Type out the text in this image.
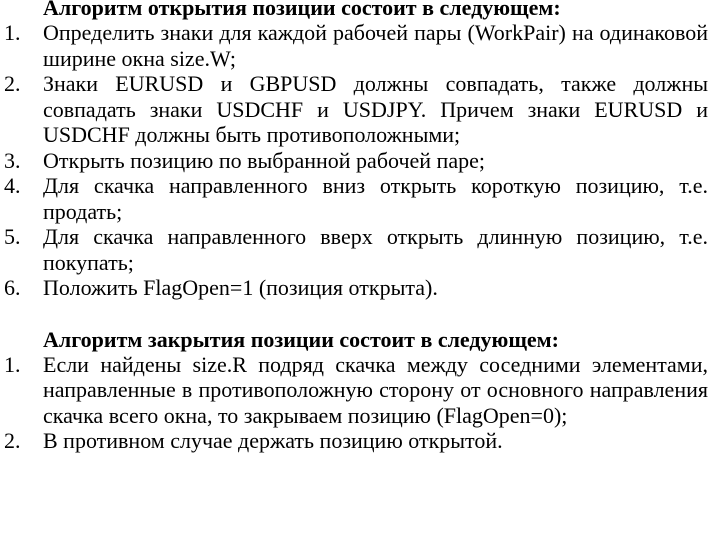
Алгоритм открытия позиции состоит в следующем:

1.	Определить знаки для каждой рабочей пары (WorkPair) на одинаковой ширине окна size.W;
2.	Знаки EURUSD и GBPUSD должны совпадать, также должны совпадать знаки USDCHF и USDJPY. Причем знаки EURUSD и USDCHF должны быть противоположными;
3.	Открыть позицию по выбранной рабочей паре;
4.	Для скачка направленного вниз открыть короткую позицию, т.е. продать;
5.	Для скачка направленного вверх открыть длинную позицию, т.е. покупать;
6.	Положить FlagOpen=1 (позиция открыта).

Алгоритм закрытия позиции состоит в следующем:

1.	Если найдены size.R подряд скачка между соседними элементами, направленные в противоположную сторону от основного направления скачка всего окна, то закрываем позицию (FlagOpen=0);
2.	В противном случае держать позицию открытой.
